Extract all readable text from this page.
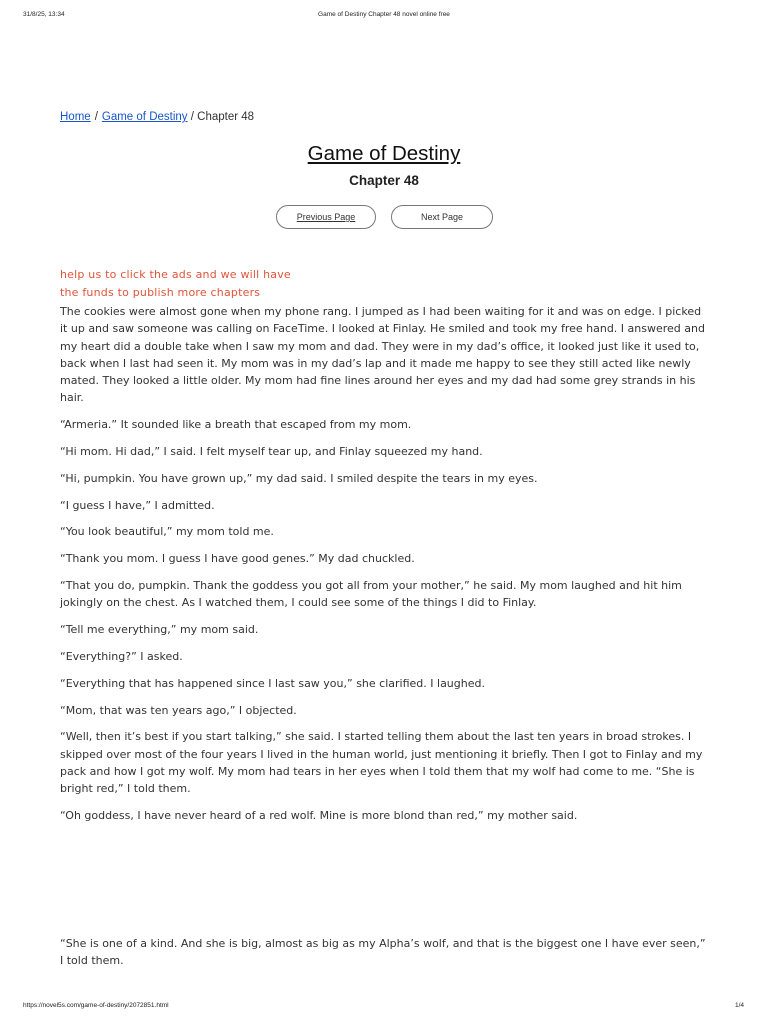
31/8/25, 13:34	Game of Destiny Chapter 48 novel online free
Home / Game of Destiny / Chapter 48
Game of Destiny
Chapter 48
Previous Page	Next Page
help us to click the ads and we will have
the funds to publish more chapters

The cookies were almost gone when my phone rang. I jumped as I had been waiting for it and was on edge. I picked it up and saw someone was calling on FaceTime. I looked at Finlay. He smiled and took my free hand. I answered and my heart did a double take when I saw my mom and dad. They were in my dad’s office, it looked just like it used to, back when I last had seen it. My mom was in my dad’s lap and it made me happy to see they still acted like newly mated. They looked a little older. My mom had fine lines around her eyes and my dad had some grey strands in his hair.

“Armeria.” It sounded like a breath that escaped from my mom.

“Hi mom. Hi dad,” I said. I felt myself tear up, and Finlay squeezed my hand.

“Hi, pumpkin. You have grown up,” my dad said. I smiled despite the tears in my eyes.

“I guess I have,” I admitted.

“You look beautiful,” my mom told me.

“Thank you mom. I guess I have good genes.” My dad chuckled.

“That you do, pumpkin. Thank the goddess you got all from your mother,” he said. My mom laughed and hit him jokingly on the chest. As I watched them, I could see some of the things I did to Finlay.

“Tell me everything,” my mom said.

“Everything?” I asked.

“Everything that has happened since I last saw you,” she clarified. I laughed.

“Mom, that was ten years ago,” I objected.

“Well, then it’s best if you start talking,” she said. I started telling them about the last ten years in broad strokes. I skipped over most of the four years I lived in the human world, just mentioning it briefly. Then I got to Finlay and my pack and how I got my wolf. My mom had tears in her eyes when I told them that my wolf had come to me. “She is bright red,” I told them.

“Oh goddess, I have never heard of a red wolf. Mine is more blond than red,” my mother said.

“She is one of a kind. And she is big, almost as big as my Alpha’s wolf, and that is the biggest one I have ever seen,” I told them.

https://novel5s.com/game-of-destiny/2072851.html	1/4
